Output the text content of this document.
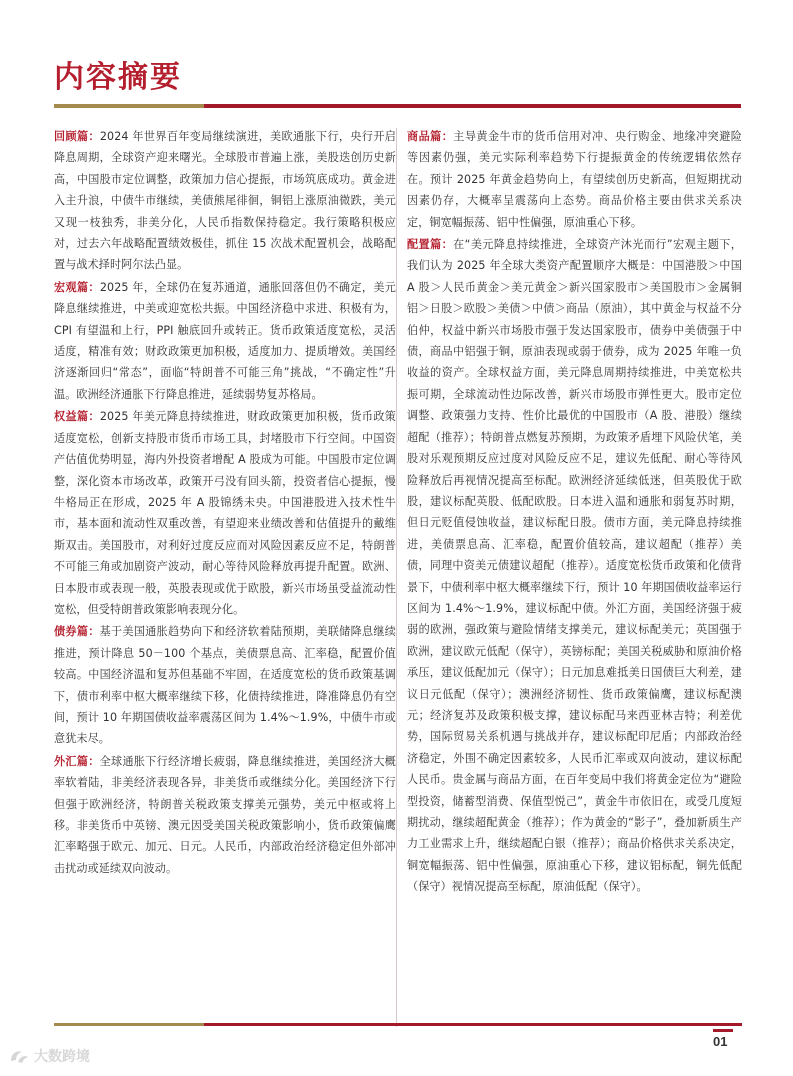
内容摘要

回顾篇：2024 年世界百年变局继续演进，美欧通胀下行，央行开启降息周期，全球资产迎来曙光。全球股市普遍上涨，美股迭创历史新高，中国股市定位调整，政策加力信心提振，市场筑底成功。黄金进入主升浪，中债牛市继续，美债熊尾徘徊，铜铝上涨原油微跌，美元又现一枝独秀，非美分化，人民币指数保持稳定。我行策略积极应对，过去六年战略配置绩效极佳，抓住 15 次战术配置机会，战略配置与战术择时阿尔法凸显。

宏观篇：2025 年，全球仍在复苏通道，通胀回落但仍不确定，美元降息继续推进，中美或迎宽松共振。中国经济稳中求进、积极有为，CPI 有望温和上行，PPI 触底回升或转正。货币政策适度宽松，灵活适度，精准有效；财政政策更加积极，适度加力、提质增效。美国经济逐渐回归“常态”，面临“特朗普不可能三角”挑战，“不确定性”升温。欧洲经济通胀下行降息推进，延续弱势复苏格局。

权益篇：2025 年美元降息持续推进，财政政策更加积极，货币政策适度宽松，创新支持股市货币市场工具，封堵股市下行空间。中国资产估值优势明显，海内外投资者增配 A 股成为可能。中国股市定位调整，深化资本市场改革，政策开弓没有回头箭，投资者信心提振，慢牛格局正在形成，2025 年 A 股锦绣未央。中国港股进入技术性牛市，基本面和流动性双重改善，有望迎来业绩改善和估值提升的戴维斯双击。美国股市，对利好过度反应而对风险因素反应不足，特朗普不可能三角或加剧资产波动，耐心等待风险释放再提升配置。欧洲、日本股市或表现一般，英股表现或优于欧股，新兴市场虽受益流动性宽松，但受特朗普政策影响表现分化。

债券篇：基于美国通胀趋势向下和经济软着陆预期，美联储降息继续推进，预计降息 50－100 个基点，美债票息高、汇率稳，配置价值较高。中国经济温和复苏但基础不牢固，在适度宽松的货币政策基调下，债市利率中枢大概率继续下移，化债持续推进，降准降息仍有空间，预计 10 年期国债收益率震荡区间为 1.4%～1.9%，中债牛市或意犹未尽。

外汇篇：全球通胀下行经济增长疲弱，降息继续推进，美国经济大概率软着陆，非美经济表现各异，非美货币或继续分化。美国经济下行但强于欧洲经济，特朗普关税政策支撑美元强势，美元中枢或将上移。非美货币中英镑、澳元因受美国关税政策影响小，货币政策偏鹰汇率略强于欧元、加元、日元。人民币，内部政治经济稳定但外部冲击扰动或延续双向波动。

商品篇：主导黄金牛市的货币信用对冲、央行购金、地缘冲突避险等因素仍强，美元实际利率趋势下行提振黄金的传统逻辑依然存在。预计 2025 年黄金趋势向上，有望续创历史新高，但短期扰动因素仍存，大概率呈震荡向上态势。商品价格主要由供求关系决定，铜宽幅振荡、铝中性偏强，原油重心下移。

配置篇：在“美元降息持续推进，全球资产沐光而行”宏观主题下，我们认为 2025 年全球大类资产配置顺序大概是：中国港股＞中国 A 股＞人民币黄金＞美元黄金＞新兴国家股市＞美国股市＞金属铜铝＞日股＞欧股＞美债＞中债＞商品（原油），其中黄金与权益不分伯仲，权益中新兴市场股市强于发达国家股市，债券中美债强于中债，商品中铝强于铜，原油表现或弱于债券，成为 2025 年唯一负收益的资产。全球权益方面，美元降息周期持续推进，中美宽松共振可期，全球流动性边际改善，新兴市场股市弹性更大。股市定位调整、政策强力支持、性价比最优的中国股市（A 股、港股）继续超配（推荐）；特朗普点燃复苏预期，为政策矛盾埋下风险伏笔，美股对乐观预期反应过度对风险反应不足，建议先低配、耐心等待风险释放后再视情况提高至标配。欧洲经济延续低迷，但英股优于欧股，建议标配英股、低配欧股。日本进入温和通胀和弱复苏时期，但日元贬值侵蚀收益，建议标配日股。债市方面，美元降息持续推进，美债票息高、汇率稳，配置价值较高，建议超配（推荐）美债，同理中资美元债建议超配（推荐）。适度宽松货币政策和化债背景下，中债利率中枢大概率继续下行，预计 10 年期国债收益率运行区间为 1.4%～1.9%，建议标配中债。外汇方面，美国经济强于疲弱的欧洲，强政策与避险情绪支撑美元，建议标配美元；英国强于欧洲，建议欧元低配（保守），英镑标配；美国关税威胁和原油价格承压，建议低配加元（保守）；日元加息难抵美日国债巨大利差，建议日元低配（保守）；澳洲经济韧性、货币政策偏鹰，建议标配澳元；经济复苏及政策积极支撑，建议标配马来西亚林吉特；利差优势，国际贸易关系机遇与挑战并存，建议标配印尼盾；内部政治经济稳定，外围不确定因素较多，人民币汇率或双向波动，建议标配人民币。贵金属与商品方面，在百年变局中我们将黄金定位为“避险型投资，储蓄型消费、保值型悦己”，黄金牛市依旧在，或受几度短期扰动，继续超配黄金（推荐）；作为黄金的“影子”，叠加新质生产力工业需求上升，继续超配白银（推荐）；商品价格供求关系决定，铜宽幅振荡、铝中性偏强，原油重心下移，建议铝标配，铜先低配（保守）视情况提高至标配，原油低配（保守）。

01
大数跨境
